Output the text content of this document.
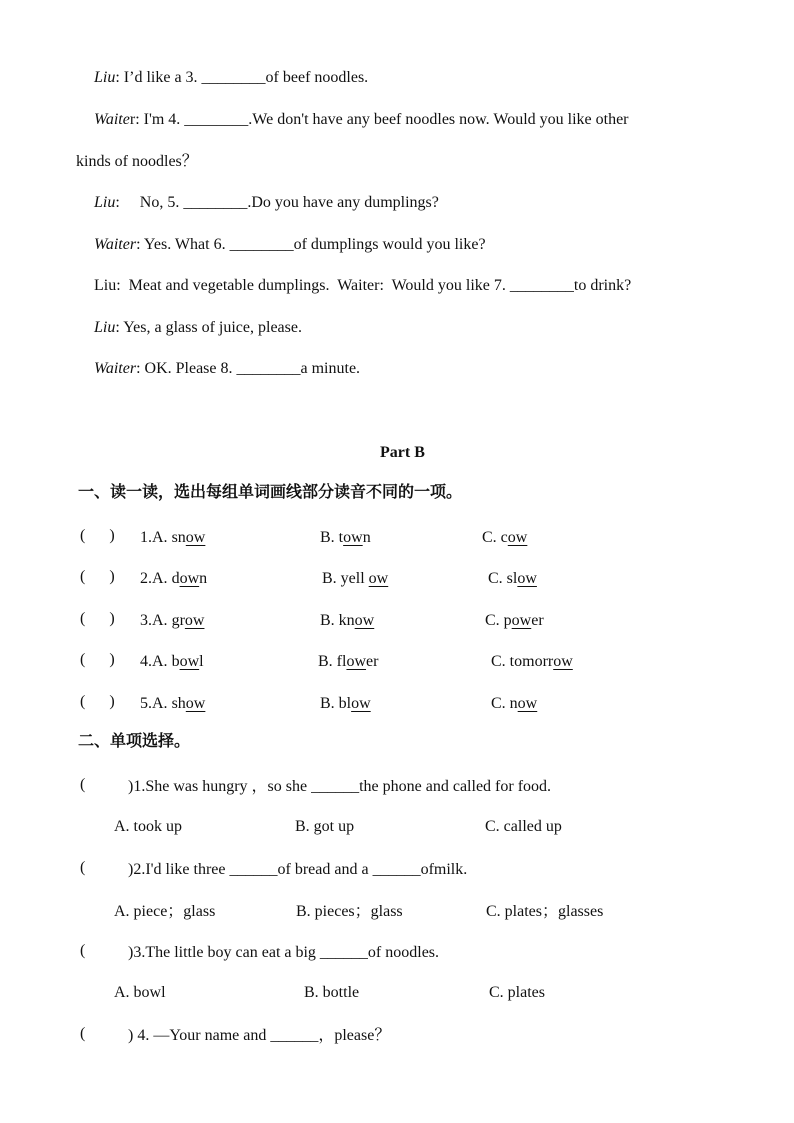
Liu: I’d like a 3. ________of beef noodles.
Waiter: I'm 4. ________.We don't have any beef noodles now. Would you like other
kinds of noodles？
Liu:     No, 5. ________.Do you have any dumplings?
Waiter: Yes. What 6. ________of dumplings would you like?
Liu:  Meat and vegetable dumplings.  Waiter:  Would you like 7. ________to drink?
Liu: Yes, a glass of juice, please.
Waiter: OK. Please 8. ________a minute.
Part B
一、读一读，选出每组单词画线部分读音不同的一项。
(      ) 1.A. snow	B. town	C. cow
(      ) 2.A. down	B. yell ow	C. slow
(      ) 3.A. grow	B. know	C. power
(      ) 4.A. bowl	B. flower	C. tomorrow
(      ) 5.A. show	B. blow	C. now
二、单项选择。
(	)1.She was hungry ，so she ______the phone and called for food.
A. took up	B. got up	C. called up
(	)2.I'd like three ______of bread and a ______ofmilk.
A. piece；glass	B. pieces；glass	C. plates；glasses
(	)3.The little boy can eat a big ______of noodles.
A. bowl	B. bottle	C. plates
(	) 4. —Your name and ______，please？
